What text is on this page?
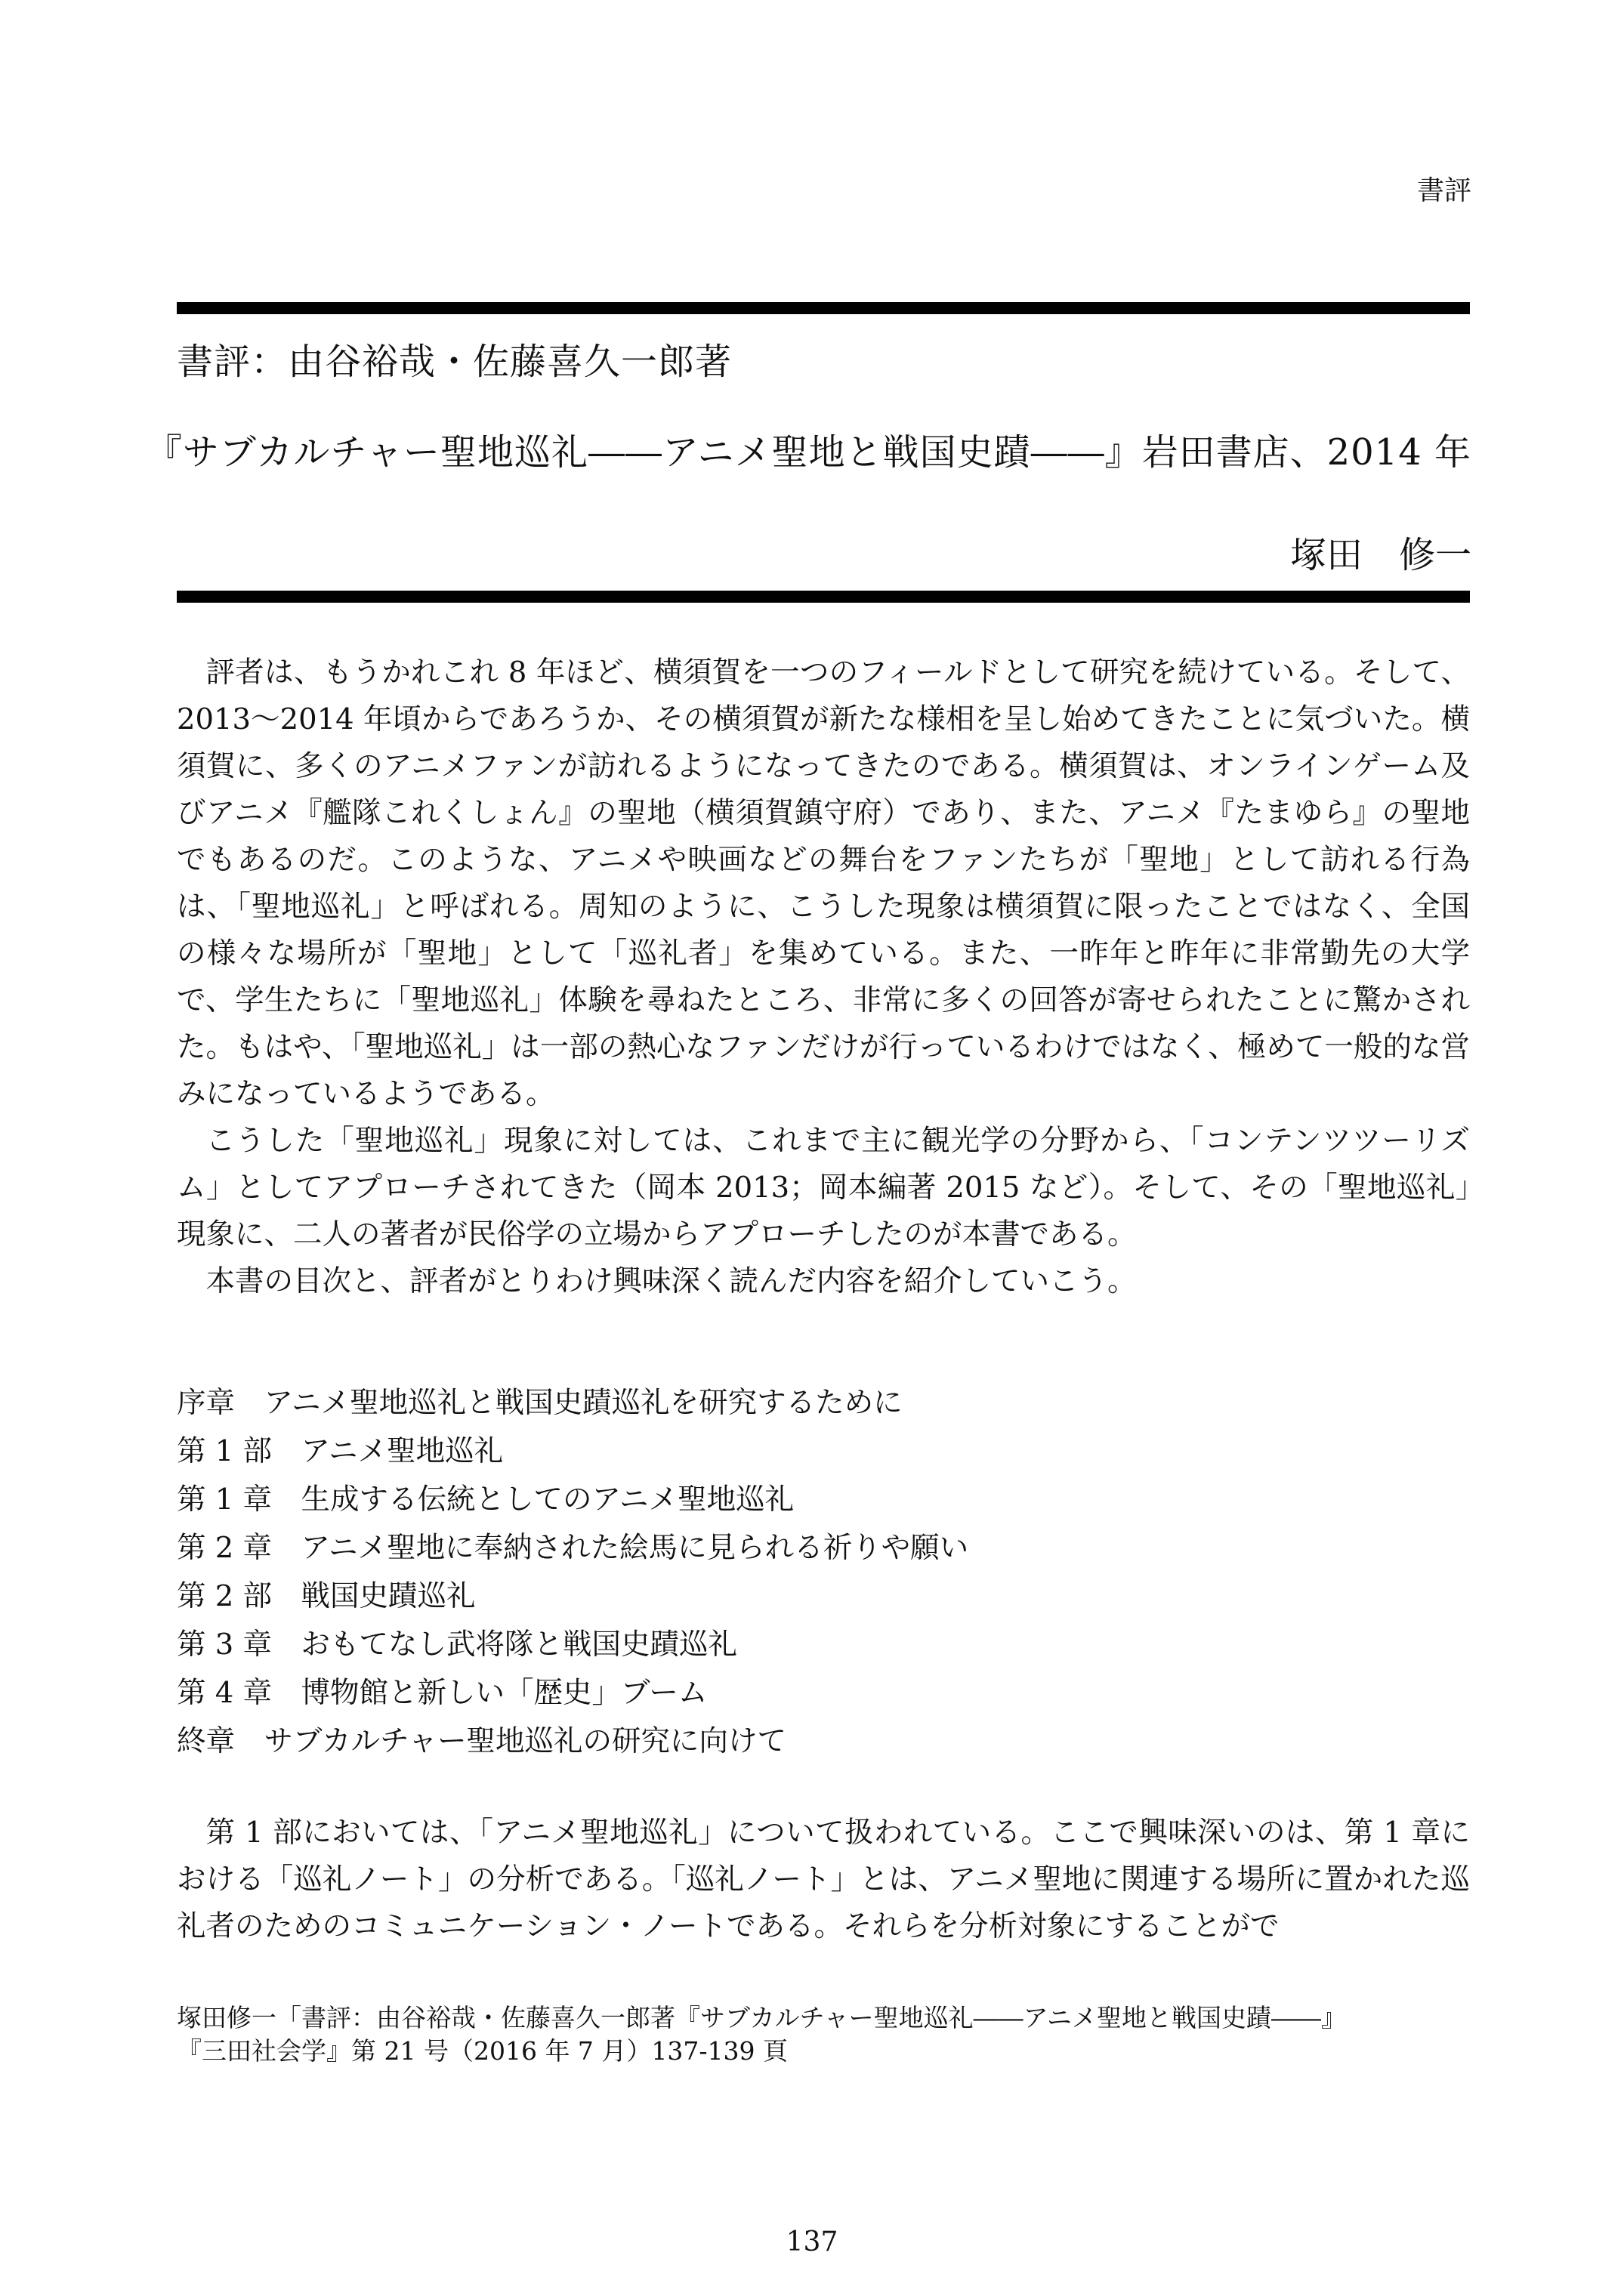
書評
書評：由谷裕哉・佐藤喜久一郎著
『サブカルチャー聖地巡礼――アニメ聖地と戦国史蹟――』岩田書店、2014 年
塚田　修一

評者は、もうかれこれ 8 年ほど、横須賀を一つのフィールドとして研究を続けている。そして、2013〜2014 年頃からであろうか、その横須賀が新たな様相を呈し始めてきたことに気づいた。横須賀に、多くのアニメファンが訪れるようになってきたのである。横須賀は、オンラインゲーム及びアニメ『艦隊これくしょん』の聖地（横須賀鎮守府）であり、また、アニメ『たまゆら』の聖地でもあるのだ。このような、アニメや映画などの舞台をファンたちが「聖地」として訪れる行為は、「聖地巡礼」と呼ばれる。周知のように、こうした現象は横須賀に限ったことではなく、全国の様々な場所が「聖地」として「巡礼者」を集めている。また、一昨年と昨年に非常勤先の大学で、学生たちに「聖地巡礼」体験を尋ねたところ、非常に多くの回答が寄せられたことに驚かされた。もはや、「聖地巡礼」は一部の熱心なファンだけが行っているわけではなく、極めて一般的な営みになっているようである。

こうした「聖地巡礼」現象に対しては、これまで主に観光学の分野から、「コンテンツツーリズム」としてアプローチされてきた（岡本 2013；岡本編著 2015 など）。そして、その「聖地巡礼」現象に、二人の著者が民俗学の立場からアプローチしたのが本書である。

本書の目次と、評者がとりわけ興味深く読んだ内容を紹介していこう。

序章　 アニメ聖地巡礼と戦国史蹟巡礼を研究するために
第 1 部　 アニメ聖地巡礼
第 1 章　 生成する伝統としてのアニメ聖地巡礼
第 2 章　 アニメ聖地に奉納された絵馬に見られる祈りや願い
第 2 部　 戦国史蹟巡礼
第 3 章　 おもてなし武将隊と戦国史蹟巡礼
第 4 章　 博物館と新しい「歴史」ブーム
終章　 サブカルチャー聖地巡礼の研究に向けて

第 1 部においては、「アニメ聖地巡礼」について扱われている。ここで興味深いのは、第 1 章における「巡礼ノート」の分析である。「巡礼ノート」とは、アニメ聖地に関連する場所に置かれた巡礼者のためのコミュニケーション・ノートである。それらを分析対象にすることがで

塚田修一「書評：由谷裕哉・佐藤喜久一郎著『サブカルチャー聖地巡礼――アニメ聖地と戦国史蹟――』
『三田社会学』第 21 号（2016 年 7 月）137-139 頁
137
